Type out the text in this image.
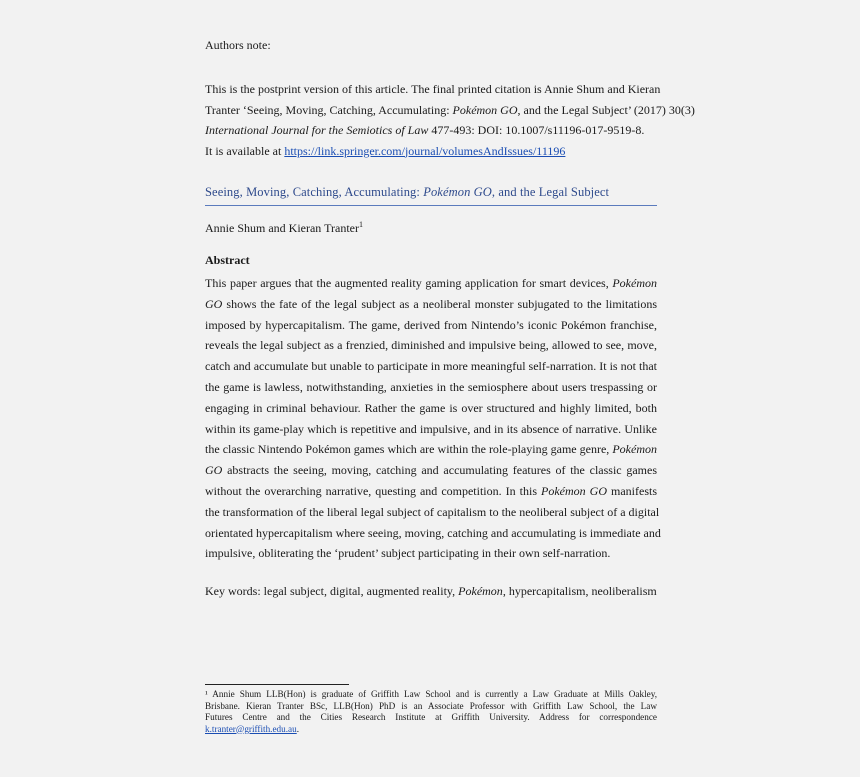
Authors note:
This is the postprint version of this article. The final printed citation is Annie Shum and Kieran
Tranter ‘Seeing, Moving, Catching, Accumulating: Pokémon GO, and the Legal Subject’ (2017) 30(3)
International Journal for the Semiotics of Law 477-493: DOI: 10.1007/s11196-017-9519-8.
It is available at https://link.springer.com/journal/volumesAndIssues/11196
Seeing, Moving, Catching, Accumulating: Pokémon GO, and the Legal Subject
Annie Shum and Kieran Tranter$^1$
Abstract
This paper argues that the augmented reality gaming application for smart devices, Pokémon
GO shows the fate of the legal subject as a neoliberal monster subjugated to the limitations
imposed by hypercapitalism. The game, derived from Nintendo’s iconic Pokémon franchise,
reveals the legal subject as a frenzied, diminished and impulsive being, allowed to see, move,
catch and accumulate but unable to participate in more meaningful self-narration. It is not that
the game is lawless, notwithstanding, anxieties in the semiosphere about users trespassing or
engaging in criminal behaviour. Rather the game is over structured and highly limited, both
within its game-play which is repetitive and impulsive, and in its absence of narrative. Unlike
the classic Nintendo Pokémon games which are within the role-playing game genre, Pokémon
GO abstracts the seeing, moving, catching and accumulating features of the classic games
without the overarching narrative, questing and competition. In this Pokémon GO manifests
the transformation of the liberal legal subject of capitalism to the neoliberal subject of a digital
orientated hypercapitalism where seeing, moving, catching and accumulating is immediate and
impulsive, obliterating the ‘prudent’ subject participating in their own self-narration.
Key words: legal subject, digital, augmented reality, Pokémon, hypercapitalism, neoliberalism
¹ Annie Shum LLB(Hon) is graduate of Griffith Law School and is currently a Law Graduate at Mills Oakley,
Brisbane. Kieran Tranter BSc, LLB(Hon) PhD is an Associate Professor with Griffith Law School, the Law
Futures Centre and the Cities Research Institute at Griffith University. Address for correspondence
k.tranter@griffith.edu.au.
